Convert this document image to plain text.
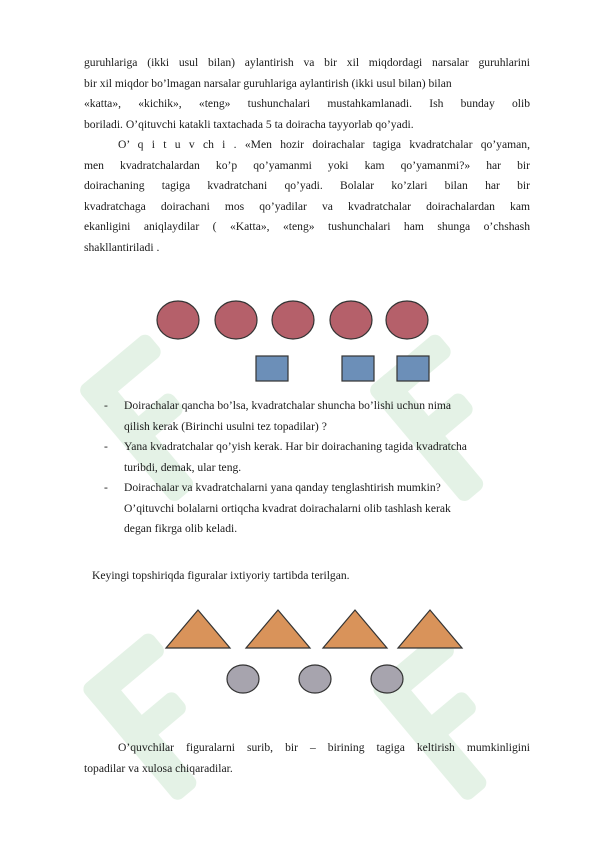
guruhlariga (ikki usul bilan) aylantirish va bir xil miqdordagi narsalar guruhlarini
bir xil miqdor bo’lmagan narsalar guruhlariga aylantirish (ikki usul bilan) bilan
«katta», «kichik», «teng» tushunchalari mustahkamlanadi. Ish bunday olib
boriladi. O’qituvchi katakli taxtachada 5 ta doiracha tayyorlab qo’yadi.
O’ q i t u v ch i . «Men hozir doirachalar tagiga kvadratchalar qo’yaman,
men kvadratchalardan ko’p qo’yamanmi yoki kam qo’yamanmi?» har bir
doirachaning tagiga kvadratchani qo’yadi. Bolalar ko’zlari bilan har bir
kvadratchaga doirachani mos qo’yadilar va kvadratchalar doirachalardan kam
ekanligini aniqlaydilar ( «Katta», «teng» tushunchalari ham shunga o’chshash
shakllantiriladi .
- Doirachalar qancha bo’lsa, kvadratchalar shuncha bo’lishi uchun nima
qilish kerak (Birinchi usulni tez topadilar) ?
- Yana kvadratchalar qo’yish kerak. Har bir doirachaning tagida kvadratcha
turibdi, demak, ular teng.
- Doirachalar va kvadratchalarni yana qanday tenglashtirish mumkin?
O’qituvchi bolalarni ortiqcha kvadrat doirachalarni olib tashlash kerak
degan fikrga olib keladi.
Keyingi topshiriqda figuralar ixtiyoriy tartibda terilgan.
O’quvchilar figuralarni surib, bir – birining tagiga keltirish mumkinligini
topadilar va xulosa chiqaradilar.
